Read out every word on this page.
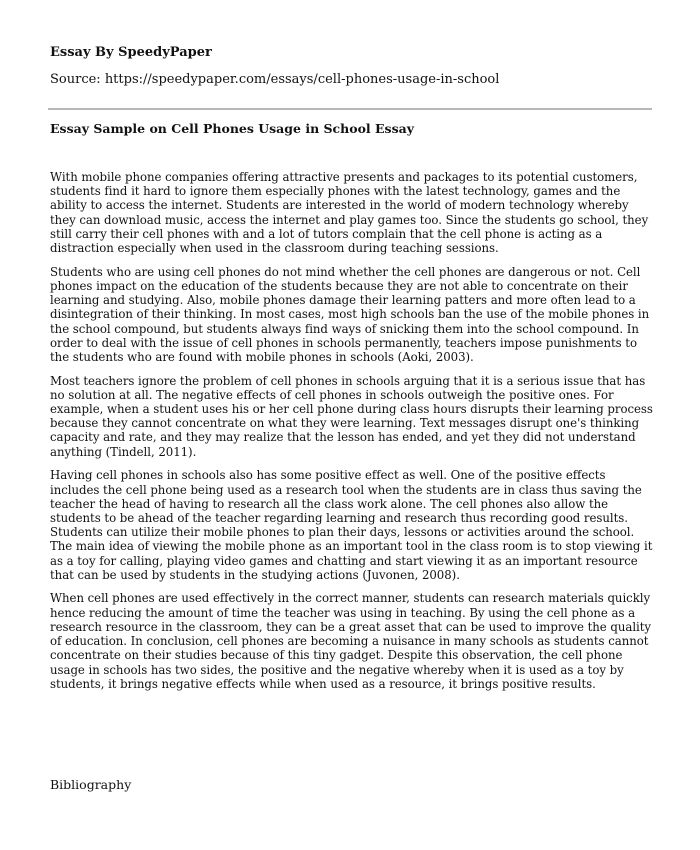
Essay By SpeedyPaper
Source: https://speedypaper.com/essays/cell-phones-usage-in-school
Essay Sample on Cell Phones Usage in School Essay

With mobile phone companies offering attractive presents and packages to its potential customers, students find it hard to ignore them especially phones with the latest technology, games and the ability to access the internet. Students are interested in the world of modern technology whereby they can download music, access the internet and play games too. Since the students go school, they still carry their cell phones with and a lot of tutors complain that the cell phone is acting as a distraction especially when used in the classroom during teaching sessions.

Students who are using cell phones do not mind whether the cell phones are dangerous or not. Cell phones impact on the education of the students because they are not able to concentrate on their learning and studying. Also, mobile phones damage their learning patters and more often lead to a disintegration of their thinking. In most cases, most high schools ban the use of the mobile phones in the school compound, but students always find ways of snicking them into the school compound. In order to deal with the issue of cell phones in schools permanently, teachers impose punishments to the students who are found with mobile phones in schools (Aoki, 2003).

Most teachers ignore the problem of cell phones in schools arguing that it is a serious issue that has no solution at all. The negative effects of cell phones in schools outweigh the positive ones. For example, when a student uses his or her cell phone during class hours disrupts their learning process because they cannot concentrate on what they were learning. Text messages disrupt one's thinking capacity and rate, and they may realize that the lesson has ended, and yet they did not understand anything (Tindell, 2011).

Having cell phones in schools also has some positive effect as well. One of the positive effects includes the cell phone being used as a research tool when the students are in class thus saving the teacher the head of having to research all the class work alone. The cell phones also allow the students to be ahead of the teacher regarding learning and research thus recording good results. Students can utilize their mobile phones to plan their days, lessons or activities around the school. The main idea of viewing the mobile phone as an important tool in the class room is to stop viewing it as a toy for calling, playing video games and chatting and start viewing it as an important resource that can be used by students in the studying actions (Juvonen, 2008).

When cell phones are used effectively in the correct manner, students can research materials quickly hence reducing the amount of time the teacher was using in teaching. By using the cell phone as a research resource in the classroom, they can be a great asset that can be used to improve the quality of education. In conclusion, cell phones are becoming a nuisance in many schools as students cannot concentrate on their studies because of this tiny gadget. Despite this observation, the cell phone usage in schools has two sides, the positive and the negative whereby when it is used as a toy by students, it brings negative effects while when used as a resource, it brings positive results.

Bibliography
